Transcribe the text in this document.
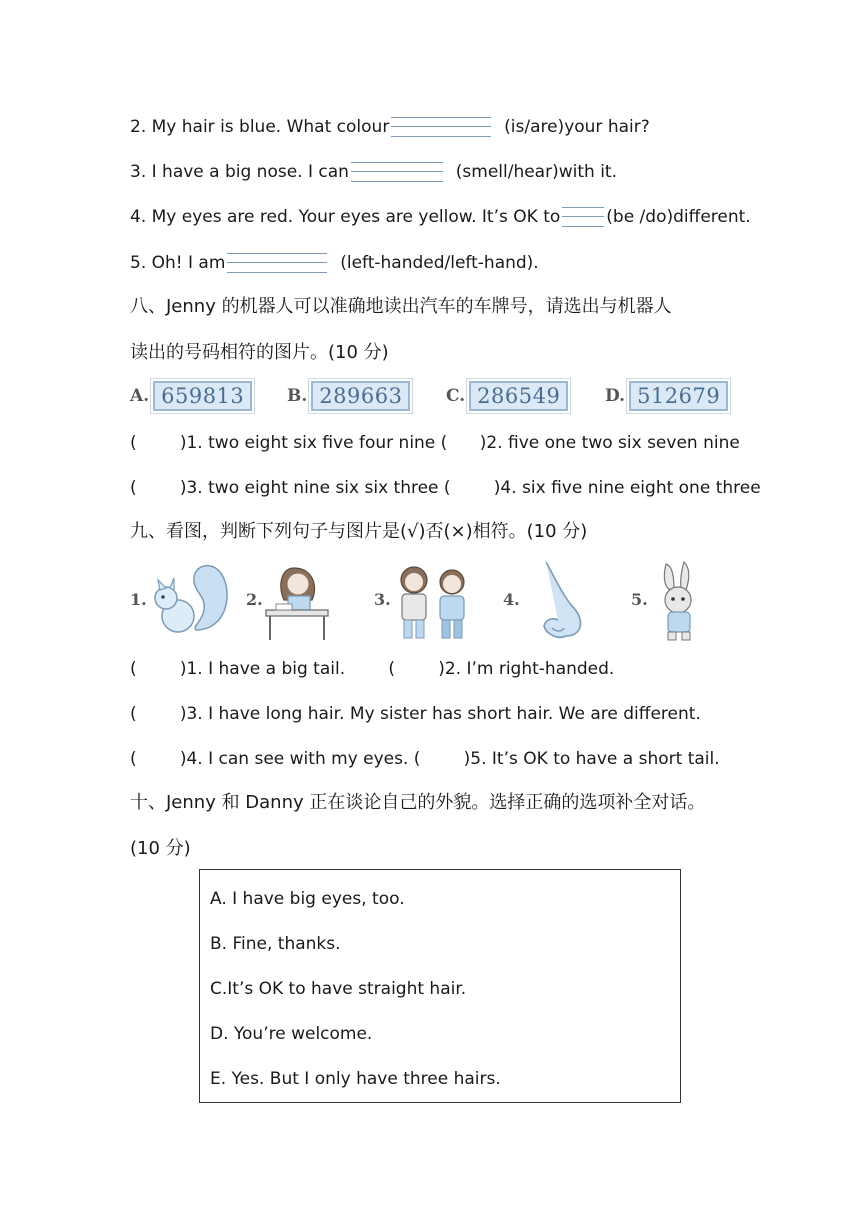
2. My hair is blue. What colour	(is/are)your hair?
3. I have a big nose. I can	(smell/hear)with it.
4. My eyes are red. Your eyes are yellow. It’s OK to	(be /do)different.
5. Oh! I am	(left-handed/left-hand).
八、Jenny 的机器人可以准确地读出汽车的车牌号，请选出与机器人
读出的号码相符的图片。(10 分)
A. 659813	B. 289663	C. 286549	D. 512679
(        )1. two eight six five four nine (      )2. five one two six seven nine
(        )3. two eight nine six six three (        )4. six five nine eight one three
九、看图，判断下列句子与图片是(√)否(×)相符。(10 分)
1.	2.	3.	4.	5.
(        )1. I have a big tail.        (        )2. I’m right-handed.
(        )3. I have long hair. My sister has short hair. We are different.
(        )4. I can see with my eyes. (        )5. It’s OK to have a short tail.
十、Jenny 和 Danny 正在谈论自己的外貌。选择正确的选项补全对话。
(10 分)
A. I have big eyes, too.
B. Fine, thanks.
C.It’s OK to have straight hair.
D. You’re welcome.
E. Yes. But I only have three hairs.
